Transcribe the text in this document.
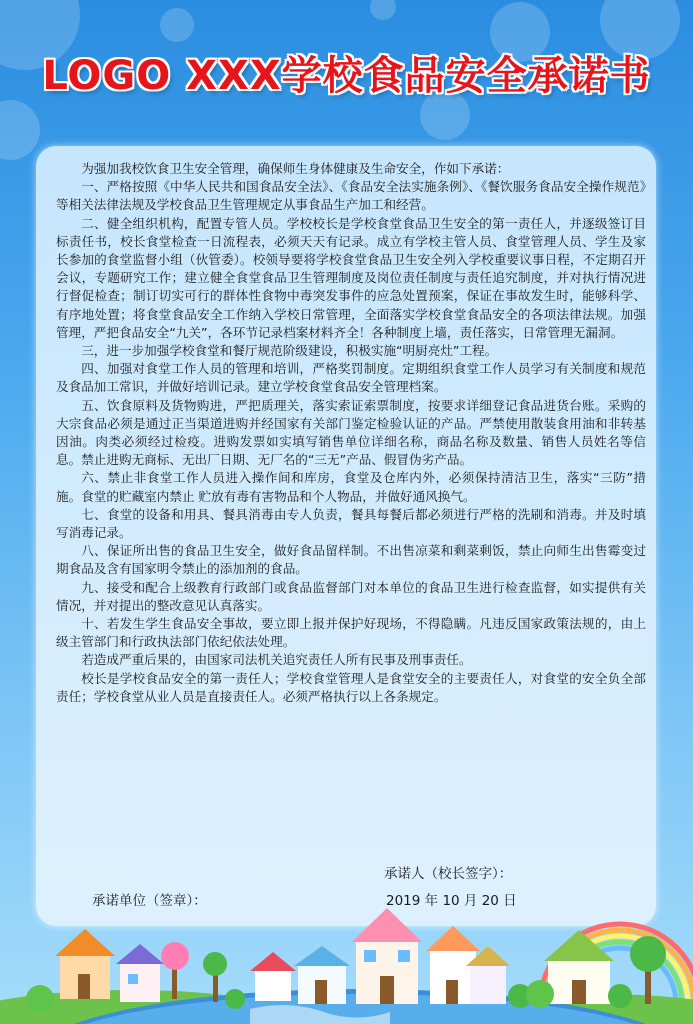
LOGO XXX学校食品安全承诺书

为强加我校饮食卫生安全管理，确保师生身体健康及生命安全，作如下承诺：

一、严格按照《中华人民共和国食品安全法》、《食品安全法实施条例》、《餐饮服务食品安全操作规范》等相关法律法规及学校食品卫生管理规定从事食品生产加工和经营。

二、健全组织机构，配置专管人员。学校校长是学校食堂食品卫生安全的第一责任人，并逐级签订目标责任书，校长食堂检查一日流程表，必须天天有记录。成立有学校主管人员、食堂管理人员、学生及家长参加的食堂监督小组（伙管委）。校领导要将学校食堂食品卫生安全列入学校重要议事日程，不定期召开会议，专题研究工作；建立健全食堂食品卫生管理制度及岗位责任制度与责任追究制度，并对执行情况进行督促检查；制订切实可行的群体性食物中毒突发事件的应急处置预案，保证在事故发生时，能够科学、有序地处置；将食堂食品安全工作纳入学校日常管理，全面落实学校食堂食品安全的各项法律法规。加强管理，严把食品安全“九关”，各环节记录档案材料齐全！各种制度上墙，责任落实，日常管理无漏洞。

三，进一步加强学校食堂和餐厅规范阶级建设，积极实施“明厨亮灶”工程。

四、加强对食堂工作人员的管理和培训，严格奖罚制度。定期组织食堂工作人员学习有关制度和规范及食品加工常识，并做好培训记录。建立学校食堂食品安全管理档案。

五、饮食原料及货物购进，严把质理关，落实索证索票制度，按要求详细登记食品进货台账。采购的大宗食品必须是通过正当渠道进购并经国家有关部门鉴定检验认证的产品。严禁使用散装食用油和非转基因油。肉类必须经过检疫。进购发票如实填写销售单位详细名称，商品名称及数量、销售人员姓名等信息。禁止进购无商标、无出厂日期、无厂名的“三无”产品、假冒伪劣产品。

六、禁止非食堂工作人员进入操作间和库房，食堂及仓库内外，必须保持清洁卫生，落实“三防”措施。食堂的贮藏室内禁止 贮放有毒有害物品和个人物品，并做好通风换气。

七、食堂的设备和用具、餐具消毒由专人负责，餐具每餐后都必须进行严格的洗刷和消毒。并及时填写消毒记录。

八、保证所出售的食品卫生安全，做好食品留样制。不出售凉菜和剩菜剩饭，禁止向师生出售霉变过期食品及含有国家明令禁止的添加剂的食品。

九、接受和配合上级教育行政部门或食品监督部门对本单位的食品卫生进行检查监督，如实提供有关情况，并对提出的整改意见认真落实。

十、若发生学生食品安全事故，要立即上报并保护好现场，不得隐瞒。凡违反国家政策法规的，由上级主管部门和行政执法部门依纪依法处理。

若造成严重后果的，由国家司法机关追究责任人所有民事及刑事责任。

校长是学校食品安全的第一责任人；学校食堂管理人是食堂安全的主要责任人，对食堂的安全负全部责任；学校食堂从业人员是直接责任人。必须严格执行以上各条规定。

承诺人（校长签字）：
承诺单位（签章）：	2019 年 10 月 20 日
